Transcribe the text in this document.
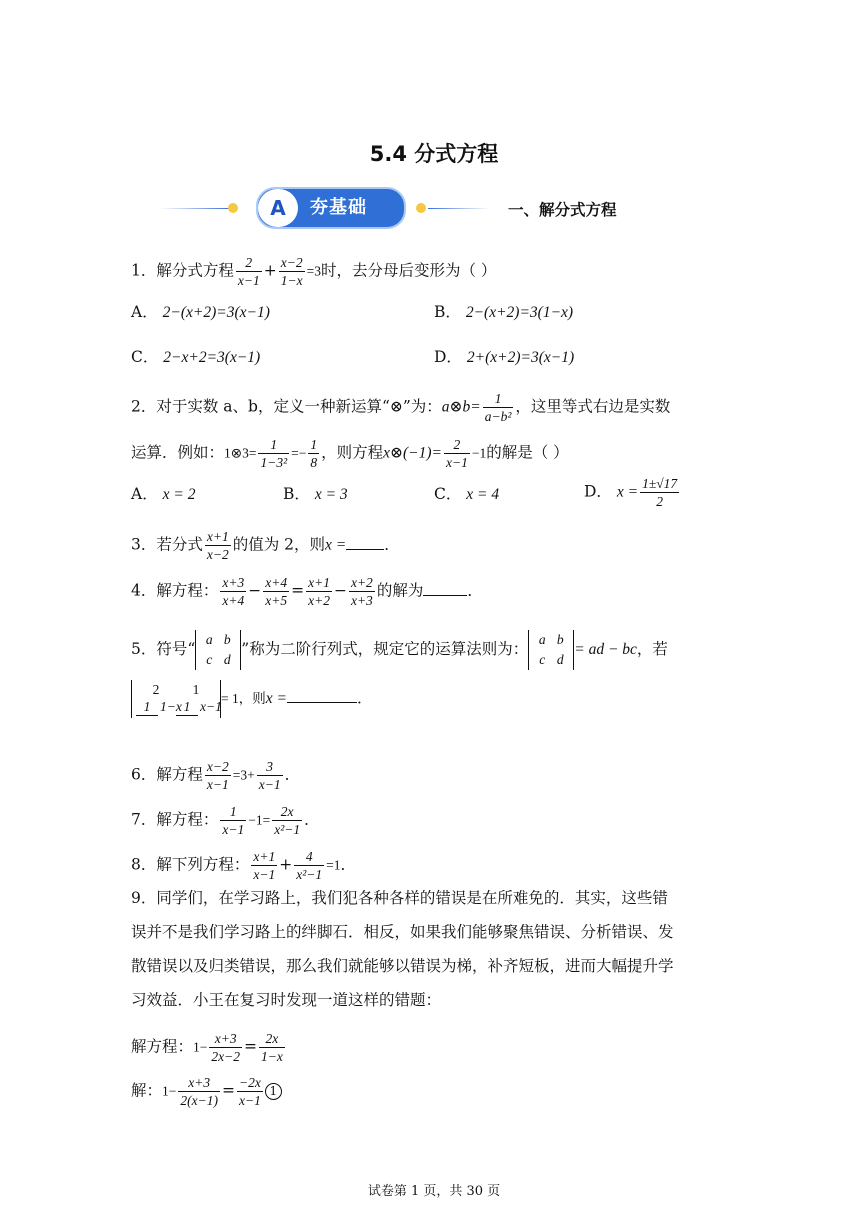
5.4 分式方程
A	夯基础	一、解分式方程
1．解分式方程 $\frac{2}{x-1} + \frac{x-2}{1-x} =3$时，去分母后变形为（ ）
A． 2−(x+2)=3(x−1)	B． 2−(x+2)=3(1−x)
C． 2−x+2=3(x−1)	D． 2+(x+2)=3(x−1)
2．对于实数 a、b，定义一种新运算“⊗”为：a⊗b= $\frac{1}{\text{a−b²}}$ ，这里等式右边是实数
运算．例如：1⊗3= $\frac{1}{\text{1−3²}} =- \frac{1}{8}$ ，则方程x⊗(−1)= $\frac{2}{x-1} -1$的解是（ ）
A． x = 2	B． x = 3	C． x = 4	D． $x = \frac{1\pm√17}{2}$
3．若分式 $\frac{x+1}{x-2}$ 的值为 2，则x = ．
4．解方程： $\frac{x+3}{x+4} - \frac{x+4}{x+5} = \frac{x+1}{x+2} - \frac{x+2}{x+3}$ 的解为	．
5．符号“a b
c d”称为二阶行列式，规定它的运算法则为：a b
c d= ad − bc，若
2 1
1 1−x 1 x−1= 1，则x =	．
6．解方程 $\frac{x-2}{x-1} =3+ \frac{3}{x-1}$ ．
7．解方程： $\frac{1}{x-1} -1= \frac{2x}{\text{x²−1}}$ ．
8．解下列方程： $\frac{x+1}{x-1} + \frac{4}{\text{x²−1}} =1$．
9．同学们，在学习路上，我们犯各种各样的错误是在所难免的．其实，这些错
误并不是我们学习路上的绊脚石．相反，如果我们能够聚焦错误、分析错误、发
散错误以及归类错误，那么我们就能够以错误为梯，补齐短板，进而大幅提升学
习效益．小王在复习时发现一道这样的错题：
解方程：$1- \frac{x+3}{2x-2} = \frac{2x}{1-x}$
解：$1- \frac{x+3}{2(x-1)} = \frac{-2x}{x-1} 1$
试卷第 1 页，共 30 页
